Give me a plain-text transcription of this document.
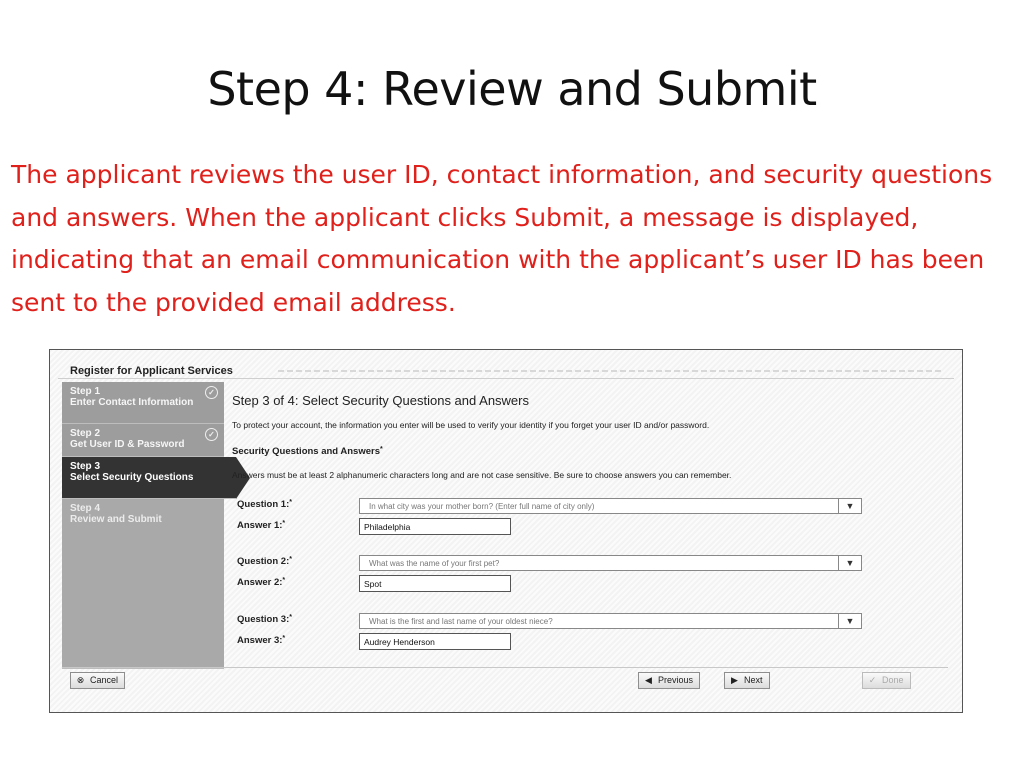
Step 4: Review and Submit
The applicant reviews the user ID, contact information, and security questions and answers. When the applicant clicks Submit, a message is displayed, indicating that an email communication with the applicant’s user ID has been sent to the provided email address.
Register for Applicant Services
Step 1
Enter Contact Information
✓
Step 2
Get User ID & Password
✓
Step 3
Select Security Questions
Step 4
Review and Submit
Step 3 of 4: Select Security Questions and Answers
To protect your account, the information you enter will be used to verify your identity if you forget your user ID and/or password.
Security Questions and Answers*
Answers must be at least 2 alphanumeric characters long and are not case sensitive. Be sure to choose answers you can remember.
Question 1:*	In what city was your mother born? (Enter full name of city only)	▼
Answer 1:*	Philadelphia
Question 2:*	What was the name of your first pet?	▼
Answer 2:*	Spot
Question 3:*	What is the first and last name of your oldest niece?	▼
Answer 3:*	Audrey Henderson
⊗ Cancel	◀ Previous	▶ Next	✓ Done
